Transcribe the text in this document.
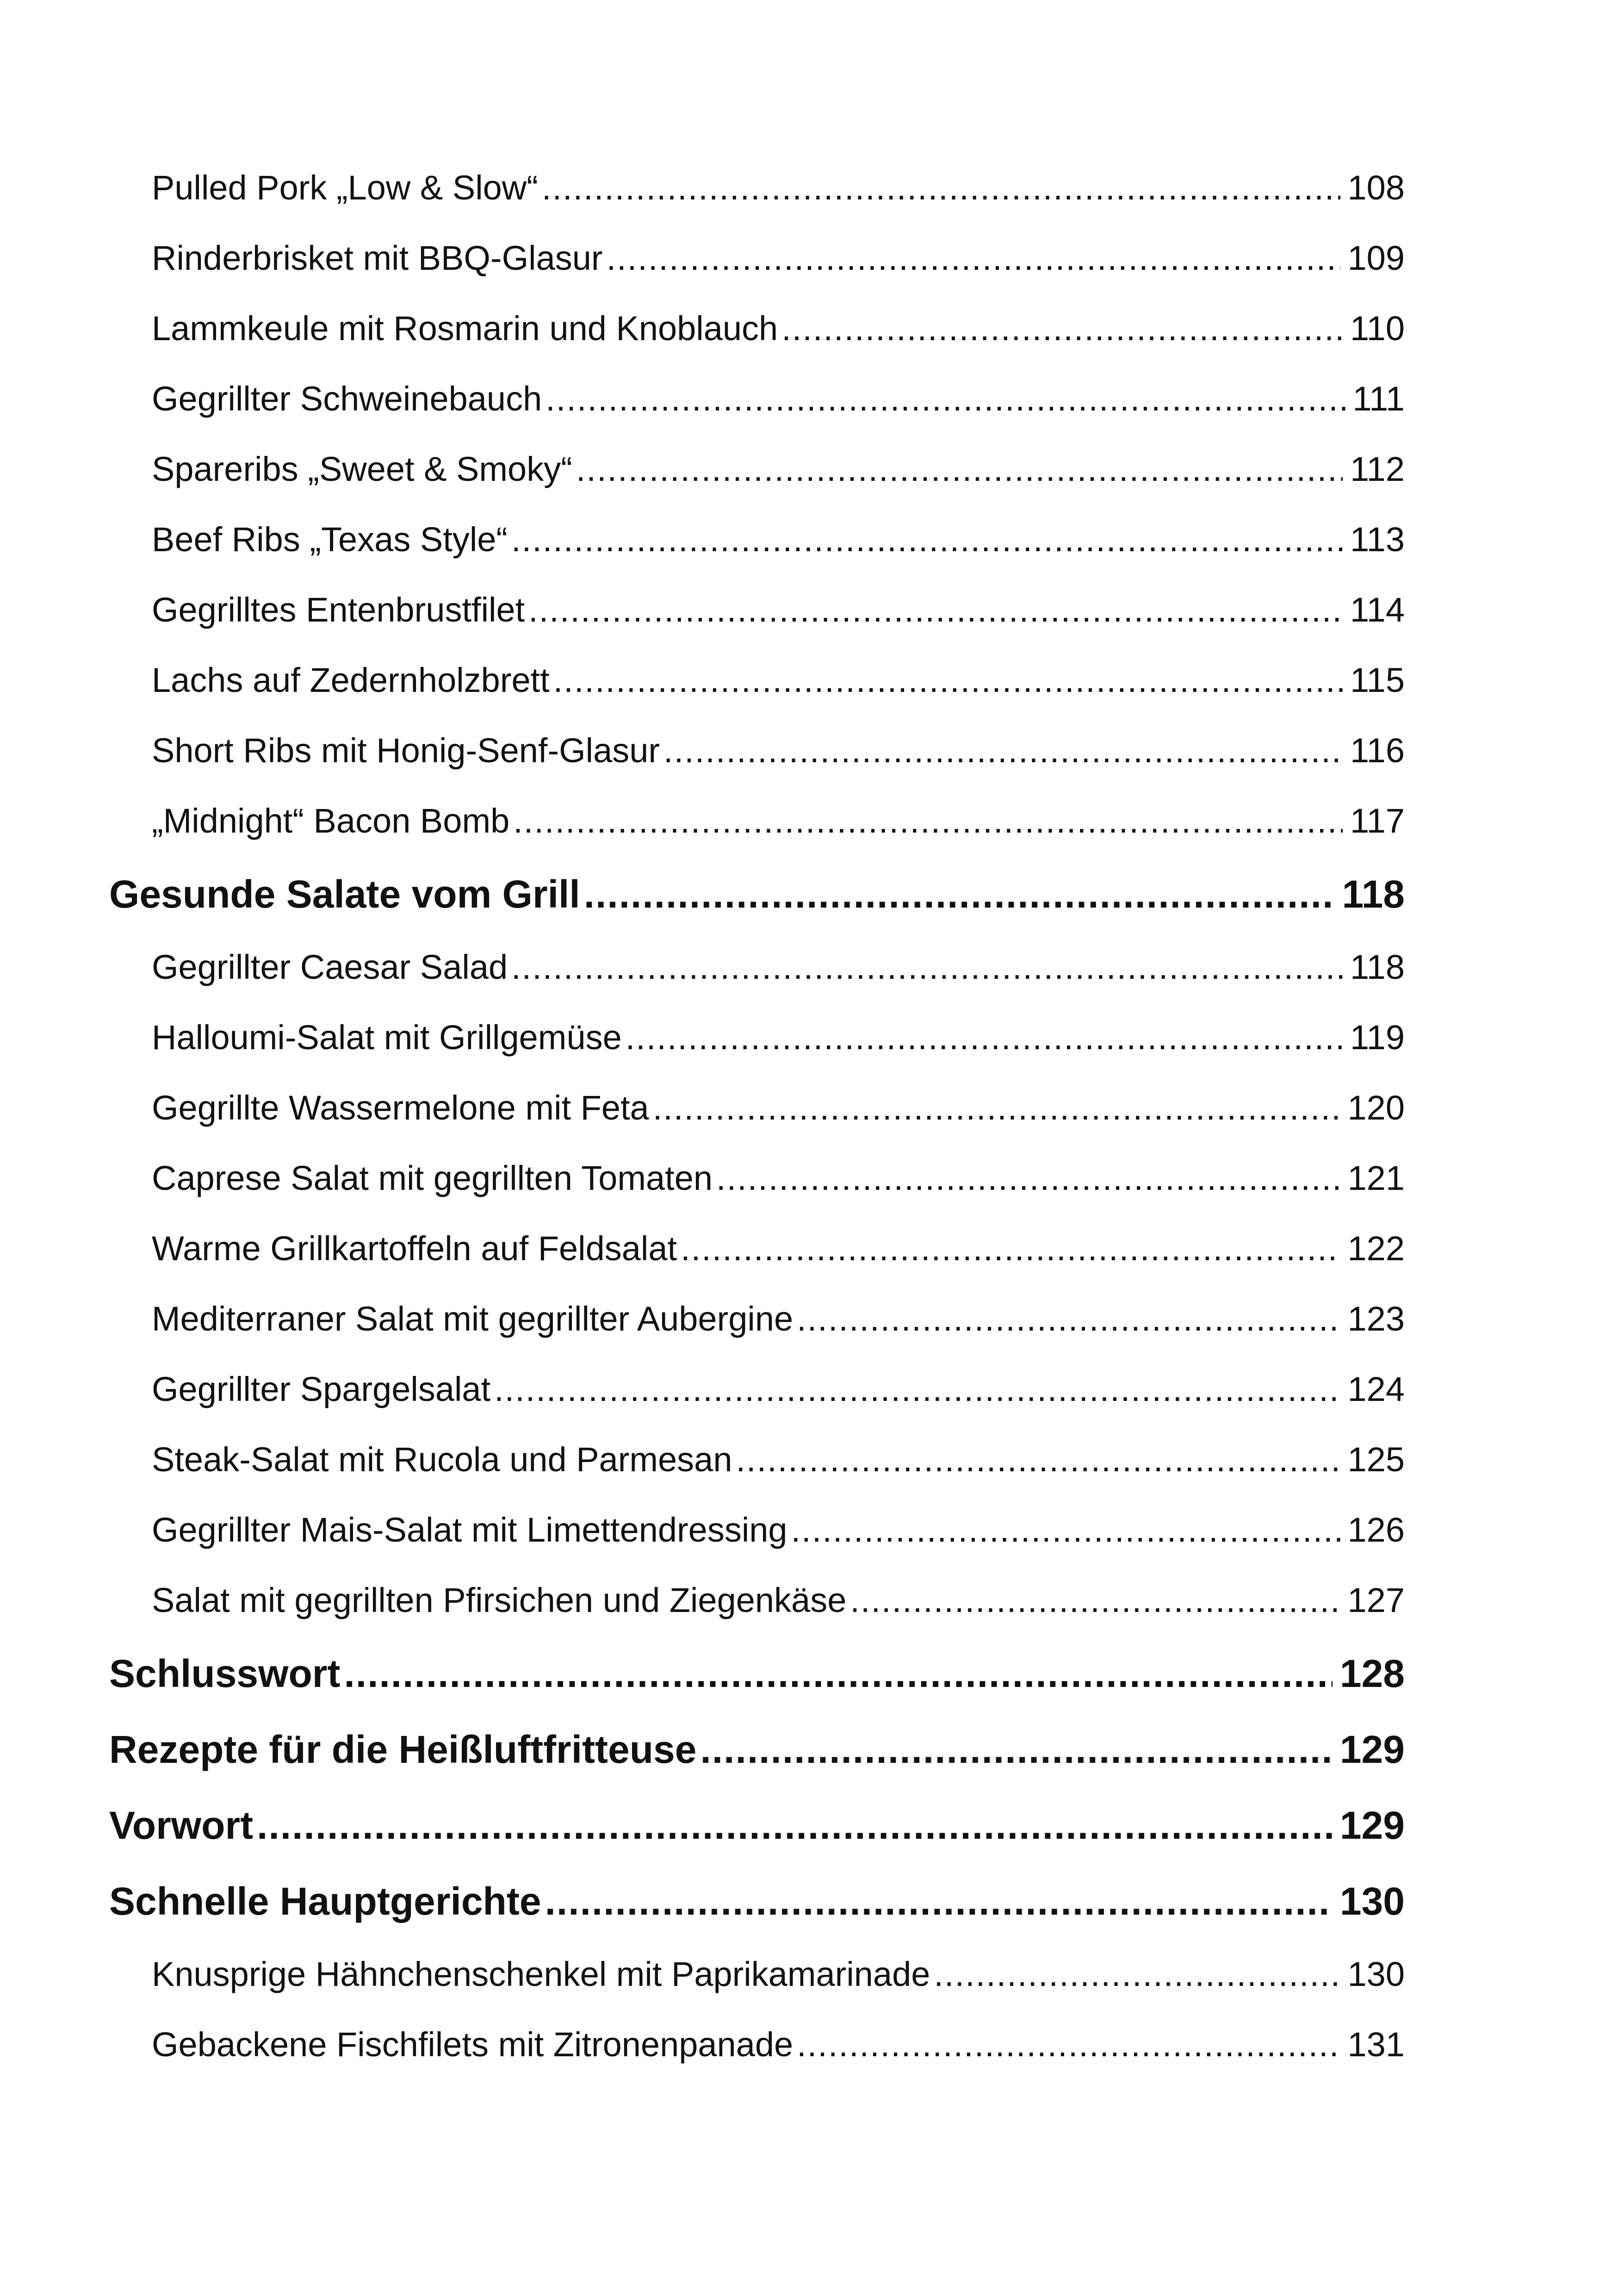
Pulled Pork „Low & Slow“ .....	108
Rinderbrisket mit BBQ-Glasur .....	109
Lammkeule mit Rosmarin und Knoblauch .....	110
Gegrillter Schweinebauch .....	111
Spareribs „Sweet & Smoky“ .....	112
Beef Ribs „Texas Style“ .....	113
Gegrilltes Entenbrustfilet .....	114
Lachs auf Zedernholzbrett .....	115
Short Ribs mit Honig-Senf-Glasur .....	116
„Midnight“ Bacon Bomb .....	117
Gesunde Salate vom Grill .....	118
Gegrillter Caesar Salad .....	118
Halloumi-Salat mit Grillgemüse .....	119
Gegrillte Wassermelone mit Feta .....	120
Caprese Salat mit gegrillten Tomaten .....	121
Warme Grillkartoffeln auf Feldsalat .....	122
Mediterraner Salat mit gegrillter Aubergine .....	123
Gegrillter Spargelsalat .....	124
Steak-Salat mit Rucola und Parmesan .....	125
Gegrillter Mais-Salat mit Limettendressing .....	126
Salat mit gegrillten Pfirsichen und Ziegenkäse .....	127
Schlusswort .....	128
Rezepte für die Heißluftfritteuse .....	129
Vorwort .....	129
Schnelle Hauptgerichte .....	130
Knusprige Hähnchenschenkel mit Paprikamarinade .....	130
Gebackene Fischfilets mit Zitronenpanade .....	131
